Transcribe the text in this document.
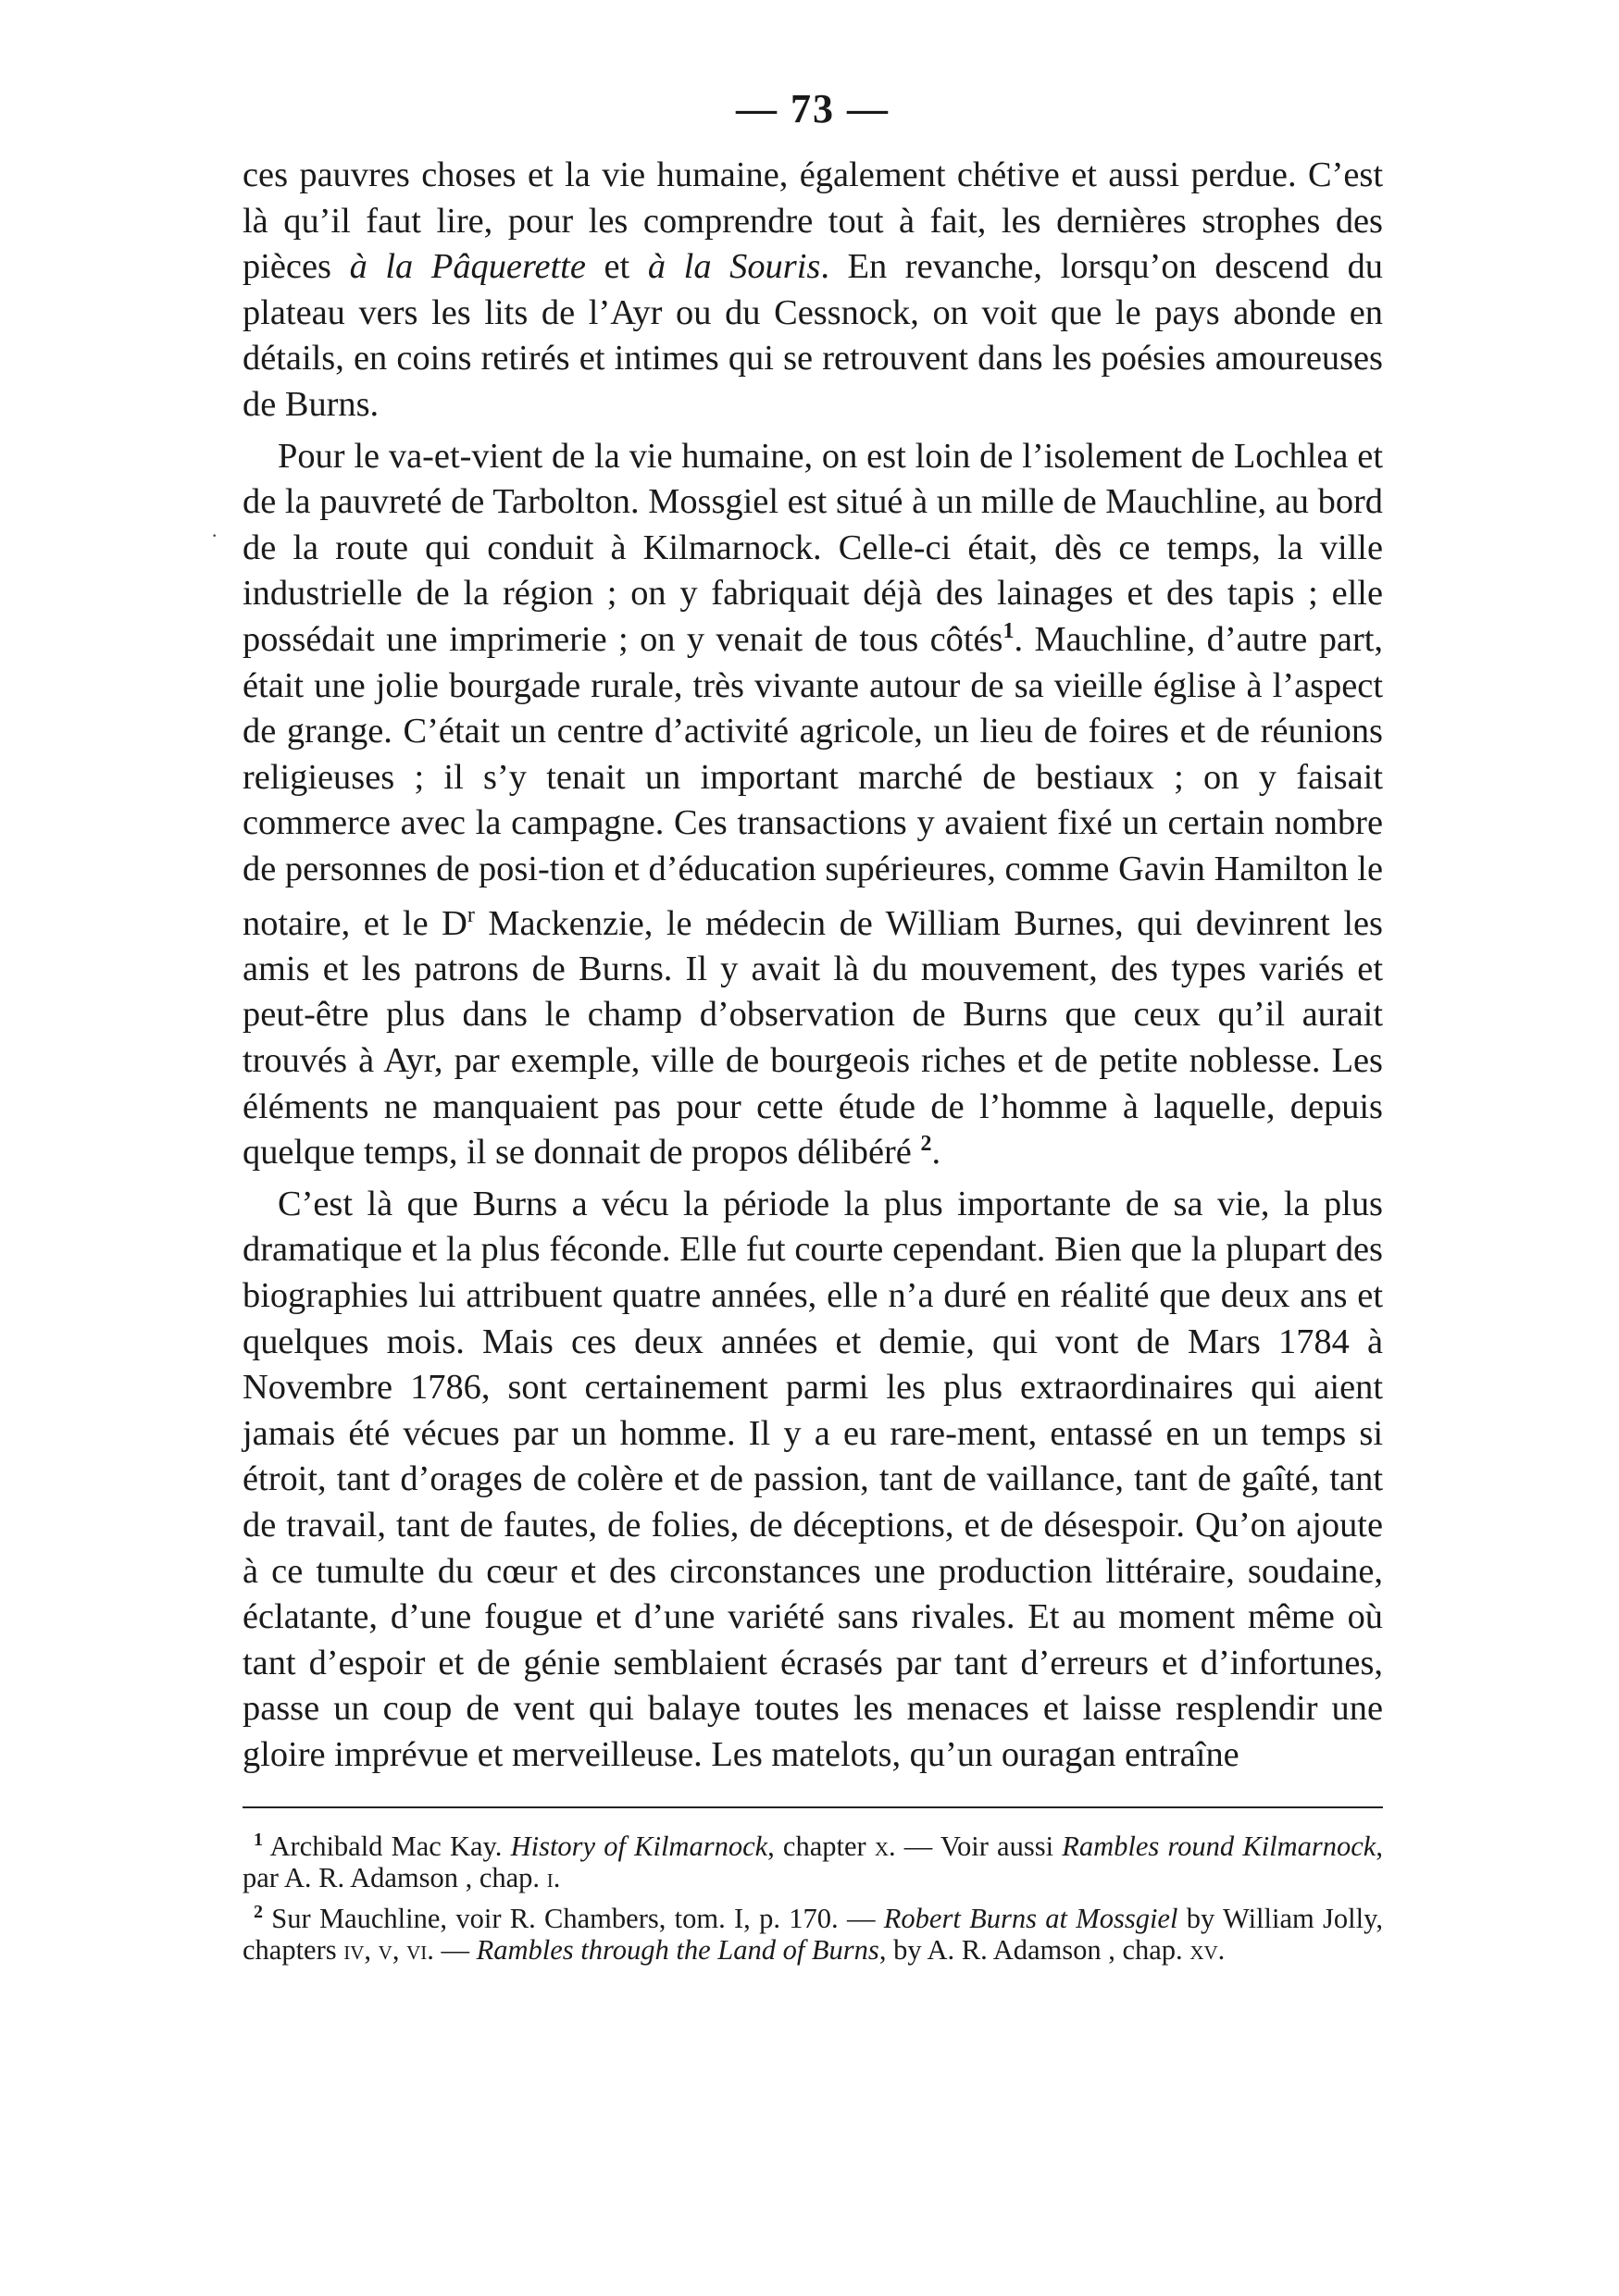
·
— 73 —

ces pauvres choses et la vie humaine, également chétive et aussi perdue. C’est là qu’il faut lire, pour les comprendre tout à fait, les dernières strophes des pièces à la Pâquerette et à la Souris. En revanche, lorsqu’on descend du plateau vers les lits de l’Ayr ou du Cessnock, on voit que le pays abonde en détails, en coins retirés et intimes qui se retrouvent dans les poésies amoureuses de Burns.

Pour le va-et-vient de la vie humaine, on est loin de l’isolement de Lochlea et de la pauvreté de Tarbolton. Mossgiel est situé à un mille de Mauchline, au bord de la route qui conduit à Kilmarnock. Celle-ci était, dès ce temps, la ville industrielle de la région ; on y fabriquait déjà des lainages et des tapis ; elle possédait une imprimerie ; on y venait de tous côtés$^1$. Mauchline, d’autre part, était une jolie bourgade rurale, très vivante autour de sa vieille église à l’aspect de grange. C’était un centre d’activité agricole, un lieu de foires et de réunions religieuses ; il s’y tenait un important marché de bestiaux ; on y faisait commerce avec la campagne. Ces transactions y avaient fixé un certain nombre de personnes de posi-tion et d’éducation supérieures, comme Gavin Hamilton le notaire, et le $D^r$ Mackenzie, le médecin de William Burnes, qui devinrent les amis et les patrons de Burns. Il y avait là du mouvement, des types variés et peut-être plus dans le champ d’observation de Burns que ceux qu’il aurait trouvés à Ayr, par exemple, ville de bourgeois riches et de petite noblesse. Les éléments ne manquaient pas pour cette étude de l’homme à laquelle, depuis quelque temps, il se donnait de propos délibéré $^2$.

C’est là que Burns a vécu la période la plus importante de sa vie, la plus dramatique et la plus féconde. Elle fut courte cependant. Bien que la plupart des biographies lui attribuent quatre années, elle n’a duré en réalité que deux ans et quelques mois. Mais ces deux années et demie, qui vont de Mars 1784 à Novembre 1786, sont certainement parmi les plus extraordinaires qui aient jamais été vécues par un homme. Il y a eu rare-ment, entassé en un temps si étroit, tant d’orages de colère et de passion, tant de vaillance, tant de gaîté, tant de travail, tant de fautes, de folies, de déceptions, et de désespoir. Qu’on ajoute à ce tumulte du cœur et des circonstances une production littéraire, soudaine, éclatante, d’une fougue et d’une variété sans rivales. Et au moment même où tant d’espoir et de génie semblaient écrasés par tant d’erreurs et d’infortunes, passe un coup de vent qui balaye toutes les menaces et laisse resplendir une gloire imprévue et merveilleuse. Les matelots, qu’un ouragan entraîne

$^1$ Archibald Mac Kay. History of Kilmarnock, chapter x. — Voir aussi Rambles round Kilmarnock, par A. R. Adamson , chap. i.

$^2$ Sur Mauchline, voir R. Chambers, tom. I, p. 170. — Robert Burns at Mossgiel by William Jolly, chapters iv, v, vi. — Rambles through the Land of Burns, by A. R. Adamson , chap. xv.
